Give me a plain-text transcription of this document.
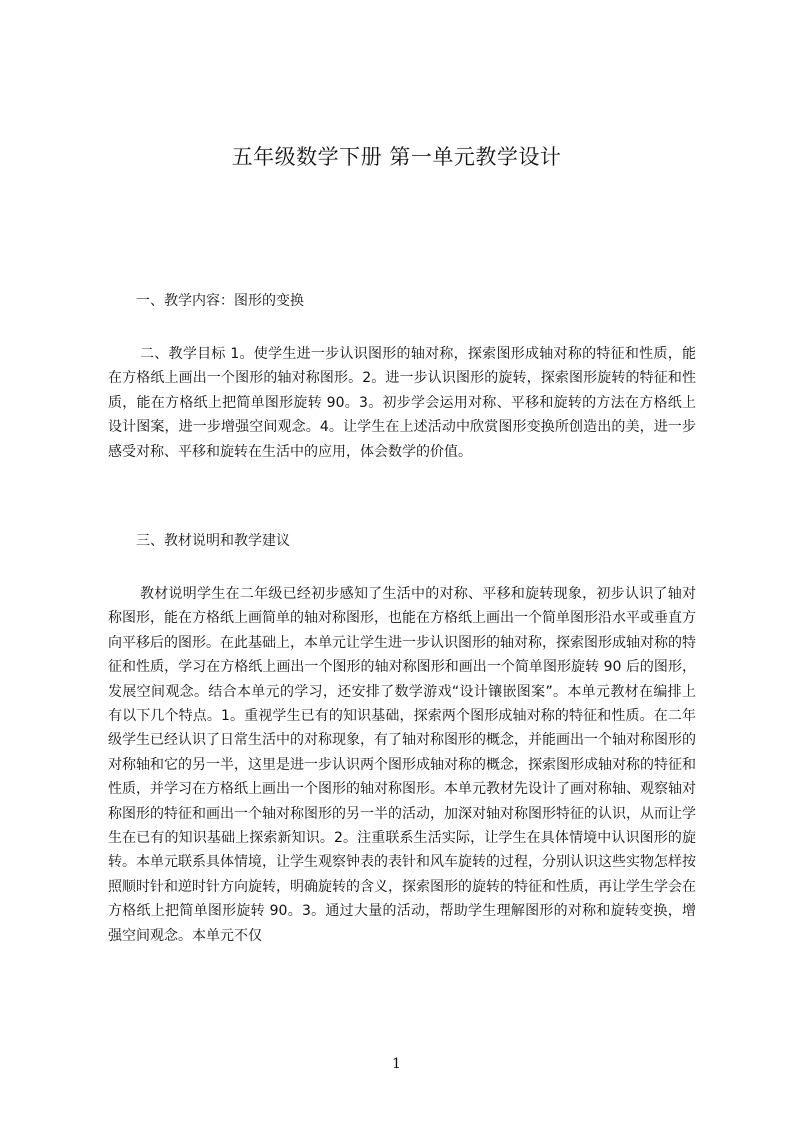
五年级数学下册 第一单元教学设计

一、教学内容：图形的变换

二、教学目标 1。使学生进一步认识图形的轴对称，探索图形成轴对称的特征和性质，能在方格纸上画出一个图形的轴对称图形。2。进一步认识图形的旋转，探索图形旋转的特征和性质，能在方格纸上把简单图形旋转 90。3。初步学会运用对称、平移和旋转的方法在方格纸上设计图案，进一步增强空间观念。4。让学生在上述活动中欣赏图形变换所创造出的美，进一步感受对称、平移和旋转在生活中的应用，体会数学的价值。

三、教材说明和教学建议

教材说明学生在二年级已经初步感知了生活中的对称、平移和旋转现象，初步认识了轴对称图形，能在方格纸上画简单的轴对称图形，也能在方格纸上画出一个简单图形沿水平或垂直方向平移后的图形。在此基础上，本单元让学生进一步认识图形的轴对称，探索图形成轴对称的特征和性质，学习在方格纸上画出一个图形的轴对称图形和画出一个简单图形旋转 90 后的图形，发展空间观念。结合本单元的学习，还安排了数学游戏“设计镶嵌图案”。本单元教材在编排上有以下几个特点。1。重视学生已有的知识基础，探索两个图形成轴对称的特征和性质。在二年级学生已经认识了日常生活中的对称现象，有了轴对称图形的概念，并能画出一个轴对称图形的对称轴和它的另一半，这里是进一步认识两个图形成轴对称的概念，探索图形成轴对称的特征和性质，并学习在方格纸上画出一个图形的轴对称图形。本单元教材先设计了画对称轴、观察轴对称图形的特征和画出一个轴对称图形的另一半的活动，加深对轴对称图形特征的认识，从而让学生在已有的知识基础上探索新知识。2。注重联系生活实际，让学生在具体情境中认识图形的旋转。本单元联系具体情境，让学生观察钟表的表针和风车旋转的过程，分别认识这些实物怎样按照顺时针和逆时针方向旋转，明确旋转的含义，探索图形的旋转的特征和性质，再让学生学会在方格纸上把简单图形旋转 90。3。通过大量的活动，帮助学生理解图形的对称和旋转变换，增强空间观念。本单元不仅

1
